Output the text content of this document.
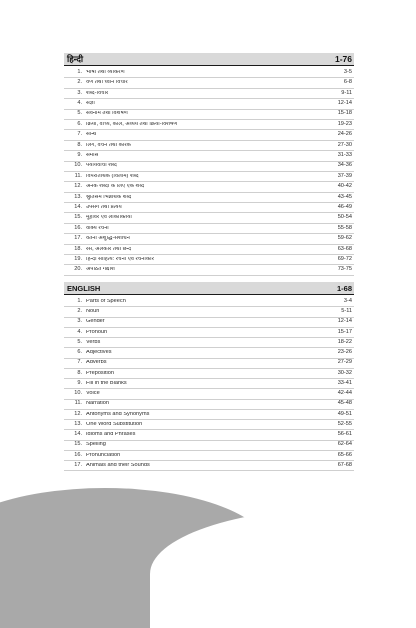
हिन्दी	1-76
1. भाषा तथा व्याकरण	3-5
2. वर्ण तथा ध्वनि विचार	6-8
3. शब्द-विचार	9-11
4. संज्ञा	12-14
5. सर्वनाम तथा विशेषण	15-18
6. क्रिया, वाच्य, काल, अव्यय तथा क्रिया-विशेषण	19-23
7. सन्धि	24-26
8. लिंग, वचन तथा कारक	27-30
9. समास	31-33
10. पर्यायवाची शब्द	34-36
11. विपरीतार्थक (विलोम) शब्द	37-39
12. अनेक शब्दों के लिए एक शब्द	40-42
13. श्रुतिसम भिन्नार्थक शब्द	43-45
14. उपसर्ग तथा प्रत्यय	46-49
15. मुहावरे एवं लोकोक्तियाँ	50-54
16. वाक्य रचना	55-58
17. वर्तनी अशुद्धि-संशोधन	59-62
18. रस, अलंकार तथा छन्द	63-68
19. हिन्दी साहित्य: रचना एवं रचनाकार	69-72
20. अपठित गद्यांश	73-75
ENGLISH	1-68
1. Parts of Speech	3-4
2. Noun	5-11
3. Gender	12-14
4. Pronoun	15-17
5. Verbs	18-22
6. Adjectives	23-26
7. Adverbs	27-29
8. Preposition	30-32
9. Fill in the Blanks	33-41
10. Voice	42-44
11. Narration	45-48
12. Antonyms and Synonyms	49-51
13. One Word Substitution	52-55
14. Idioms and Phrases	56-61
15. Spelling	62-64
16. Pronunciation	65-66
17. Animals and their Sounds	67-68
